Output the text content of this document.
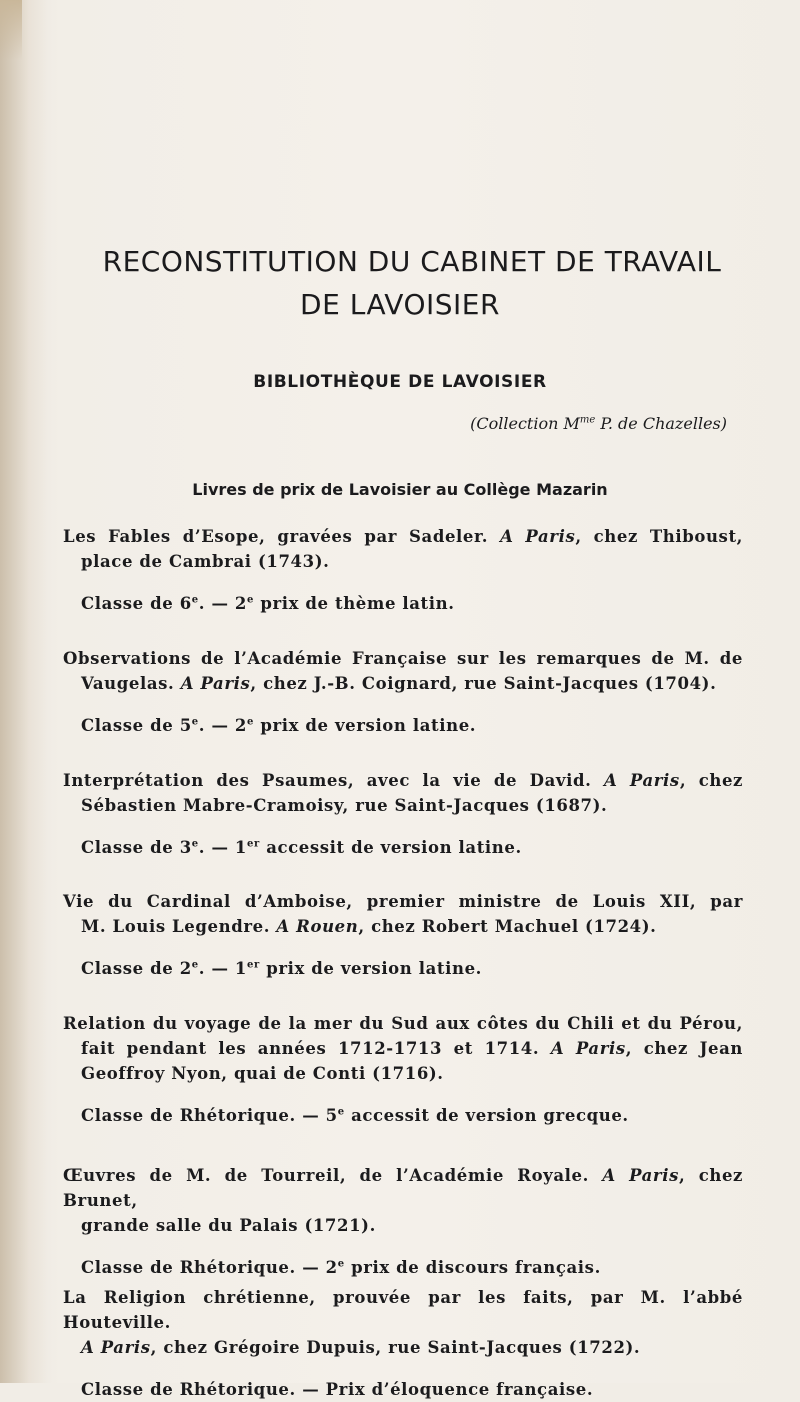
RECONSTITUTION DU CABINET DE TRAVAIL
DE LAVOISIER
BIBLIOTHÈQUE DE LAVOISIER

(Collection $M^{me}$ P. de Chazelles)

Livres de prix de Lavoisier au Collège Mazarin
Les Fables d’Esope, gravées par Sadeler. A Paris, chez Thiboust,
place de Cambrai (1743).
Classe de 6e. — 2e prix de thème latin.
Observations de l’Académie Française sur les remarques de M. de
Vaugelas. A Paris, chez J.-B. Coignard, rue Saint-Jacques (1704).
Classe de 5e. — 2e prix de version latine.
Interprétation des Psaumes, avec la vie de David. A Paris, chez
Sébastien Mabre-Cramoisy, rue Saint-Jacques (1687).
Classe de 3e. — 1er accessit de version latine.
Vie du Cardinal d’Amboise, premier ministre de Louis XII, par
M. Louis Legendre. A Rouen, chez Robert Machuel (1724).
Classe de 2e. — 1er prix de version latine.
Relation du voyage de la mer du Sud aux côtes du Chili et du Pérou,
fait pendant les années 1712-1713 et 1714. A Paris, chez Jean
Geoffroy Nyon, quai de Conti (1716).
Classe de Rhétorique. — 5e accessit de version grecque.
Œuvres de M. de Tourreil, de l’Académie Royale. A Paris, chez Brunet,
grande salle du Palais (1721).
Classe de Rhétorique. — 2e prix de discours français.
La Religion chrétienne, prouvée par les faits, par M. l’abbé Houteville.
A Paris, chez Grégoire Dupuis, rue Saint-Jacques (1722).
Classe de Rhétorique. — Prix d’éloquence française.
